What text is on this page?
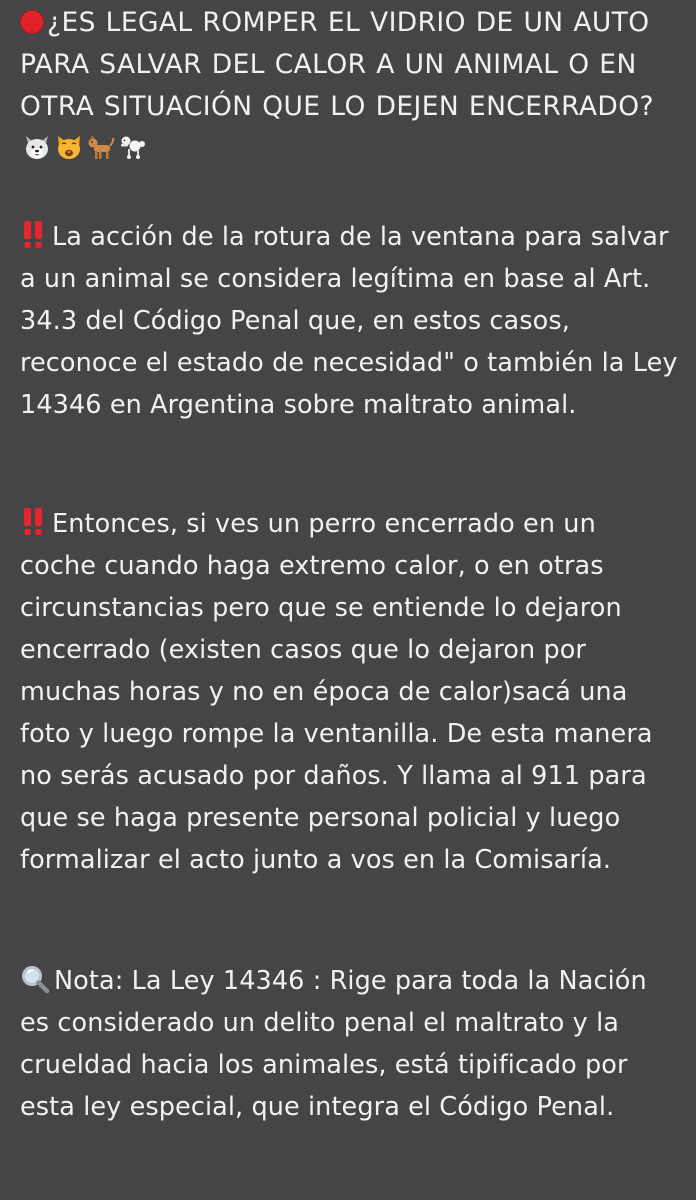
¿ES LEGAL ROMPER EL VIDRIO DE UN AUTO PARA SALVAR DEL CALOR A UN ANIMAL O EN OTRA SITUACIÓN QUE LO DEJEN ENCERRADO?

La acción de la rotura de la ventana para salvar a un animal se considera legítima en base al Art. 34.3 del Código Penal que, en estos casos, reconoce el estado de necesidad" o también la Ley 14346 en Argentina sobre maltrato animal.

Entonces, si ves un perro encerrado en un coche cuando haga extremo calor, o en otras circunstancias pero que se entiende lo dejaron encerrado (existen casos que lo dejaron por muchas horas y no en época de calor)sacá una foto y luego rompe la ventanilla. De esta manera no serás acusado por daños. Y llama al 911 para que se haga presente personal policial y luego formalizar el acto junto a vos en la Comisaría.

Nota: La Ley 14346 : Rige para toda la Nación es considerado un delito penal el maltrato y la crueldad hacia los animales, está tipificado por esta ley especial, que integra el Código Penal.
